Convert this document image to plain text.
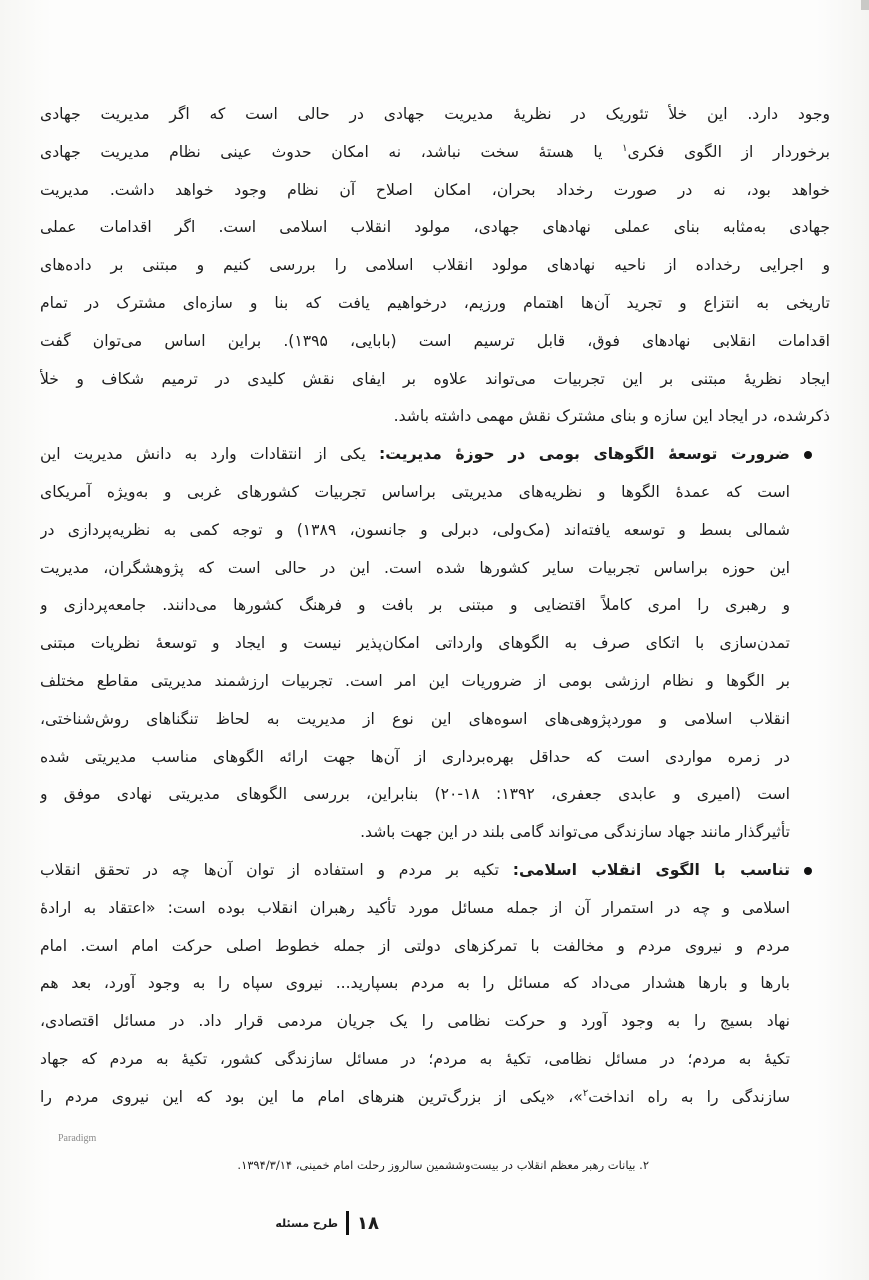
وجود دارد. این خلأ تئوریک در نظریهٔ مدیریت جهادی در حالی است که اگر مدیریت جهادی
برخوردار از الگوی فکری$^۱$ یا هستهٔ سخت نباشد، نه امکان حدوث عینی نظام مدیریت جهادی
خواهد بود، نه در صورت رخداد بحران، امکان اصلاح آن نظام وجود خواهد داشت. مدیریت
جهادی به‌مثابه بنای عملی نهادهای جهادی، مولود انقلاب اسلامی است. اگر اقدامات عملی
و اجرایی رخداده از ناحیه نهادهای مولود انقلاب اسلامی را بررسی کنیم و مبتنی بر داده‌های
تاریخی به انتزاع و تجرید آن‌ها اهتمام ورزیم، درخواهیم یافت که بنا و سازه‌ای مشترک در تمام
اقدامات انقلابی نهادهای فوق، قابل ترسیم است (بابایی، ۱۳۹۵). براین اساس می‌توان گفت
ایجاد نظریهٔ مبتنی بر این تجربیات می‌تواند علاوه بر ایفای نقش کلیدی در ترمیم شکاف و خلأ
ذکرشده، در ایجاد این سازه و بنای مشترک نقش مهمی داشته باشد.
ضرورت توسعهٔ الگوهای بومی در حوزهٔ مدیریت: یکی از انتقادات وارد به دانش مدیریت این
است که عمدهٔ الگوها و نظریه‌های مدیریتی براساس تجربیات کشورهای غربی و به‌ویژه آمریکای
شمالی بسط و توسعه یافته‌اند (مک‌ولی، دبرلی و جانسون، ۱۳۸۹) و توجه کمی به نظریه‌پردازی در
این حوزه براساس تجربیات سایر کشورها شده است. این در حالی است که پژوهشگران، مدیریت
و رهبری را امری کاملاً اقتضایی و مبتنی بر بافت و فرهنگ کشورها می‌دانند. جامعه‌پردازی و
تمدن‌سازی با اتکای صرف به الگوهای وارداتی امکان‌پذیر نیست و ایجاد و توسعهٔ نظریات مبتنی
بر الگوها و نظام ارزشی بومی از ضروریات این امر است. تجربیات ارزشمند مدیریتی مقاطع مختلف
انقلاب اسلامی و موردپژوهی‌های اسوه‌های این نوع از مدیریت به لحاظ تنگناهای روش‌شناختی،
در زمره مواردی است که حداقل بهره‌برداری از آن‌ها جهت ارائه الگوهای مناسب مدیریتی شده
است (امیری و عابدی جعفری، ۱۳۹۲: ۱۸-۲۰) بنابراین، بررسی الگوهای مدیریتی نهادی موفق و
تأثیرگذار مانند جهاد سازندگی می‌تواند گامی بلند در این جهت باشد.
تناسب با الگوی انقلاب اسلامی: تکیه بر مردم و استفاده از توان آن‌ها چه در تحقق انقلاب
اسلامی و چه در استمرار آن از جمله مسائل مورد تأکید رهبران انقلاب بوده است: «اعتقاد به ارادهٔ
مردم و نیروی مردم و مخالفت با تمرکزهای دولتی از جمله خطوط اصلی حرکت امام است. امام
بارها و بارها هشدار می‌داد که مسائل را به مردم بسپارید... نیروی سپاه را به وجود آورد، بعد هم
نهاد بسیج را به وجود آورد و حرکت نظامی را یک جریان مردمی قرار داد. در مسائل اقتصادی،
تکیهٔ به مردم؛ در مسائل نظامی، تکیهٔ به مردم؛ در مسائل سازندگی کشور، تکیهٔ به مردم که جهاد
سازندگی را به راه انداخت$^۲$»، «یکی از بزرگ‌ترین هنرهای امام ما این بود که این نیروی مردم را
Paradigm
۲. بیانات رهبر معظم انقلاب در بیست‌وششمین سالروز رحلت امام خمینی، ۱۳۹۴/۳/۱۴.
۱۸
طرح مسئله
